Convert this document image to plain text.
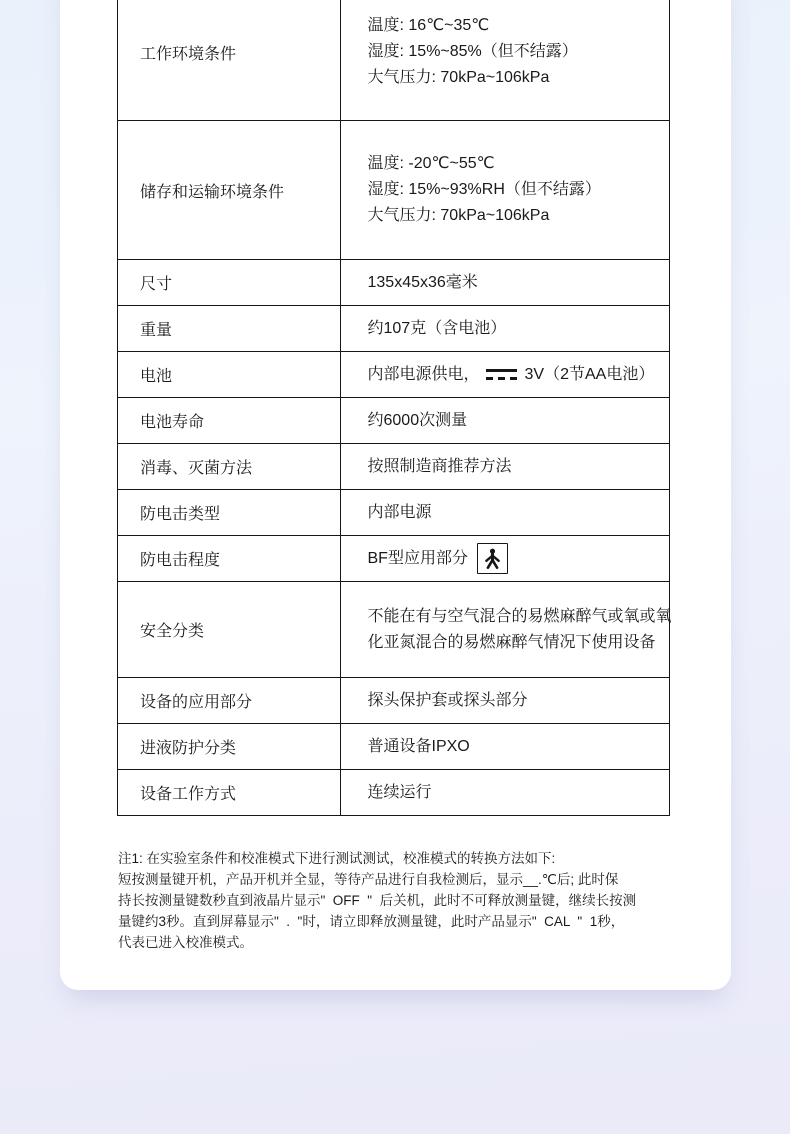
工作环境条件	温度: 16℃~35℃
湿度: 15%~85%（但不结露）
大气压力: 70kPa~106kPa

储存和运输环境条件	温度: -20℃~55℃
湿度: 15%~93%RH（但不结露）
大气压力: 70kPa~106kPa

尺寸	135x45x36毫米

重量	约107克（含电池）

电池	内部电源供电， 3V（2节AA电池）

电池寿命	约6000次测量

消毒、灭菌方法	按照制造商推荐方法

防电击类型	内部电源

防电击程度	BF型应用部分

安全分类	不能在有与空气混合的易燃麻醉气或氧或氧
化亚氮混合的易燃麻醉气情况下使用设备

设备的应用部分	探头保护套或探头部分

进液防护分类	普通设备IPXO

设备工作方式	连续运行
注1: 在实验室条件和校准模式下进行测试测试，校准模式的转换方法如下:
短按测量键开机，产品开机并全显，等待产品进行自我检测后，显示__.℃后; 此时保
持长按测量键数秒直到液晶片显示"  OFF  "  后关机，此时不可释放测量键，继续长按测
量键约3秒。直到屏幕显示"  .  "时，请立即释放测量键，此时产品显示"  CAL  "  1秒，
代表已进入校准模式。
